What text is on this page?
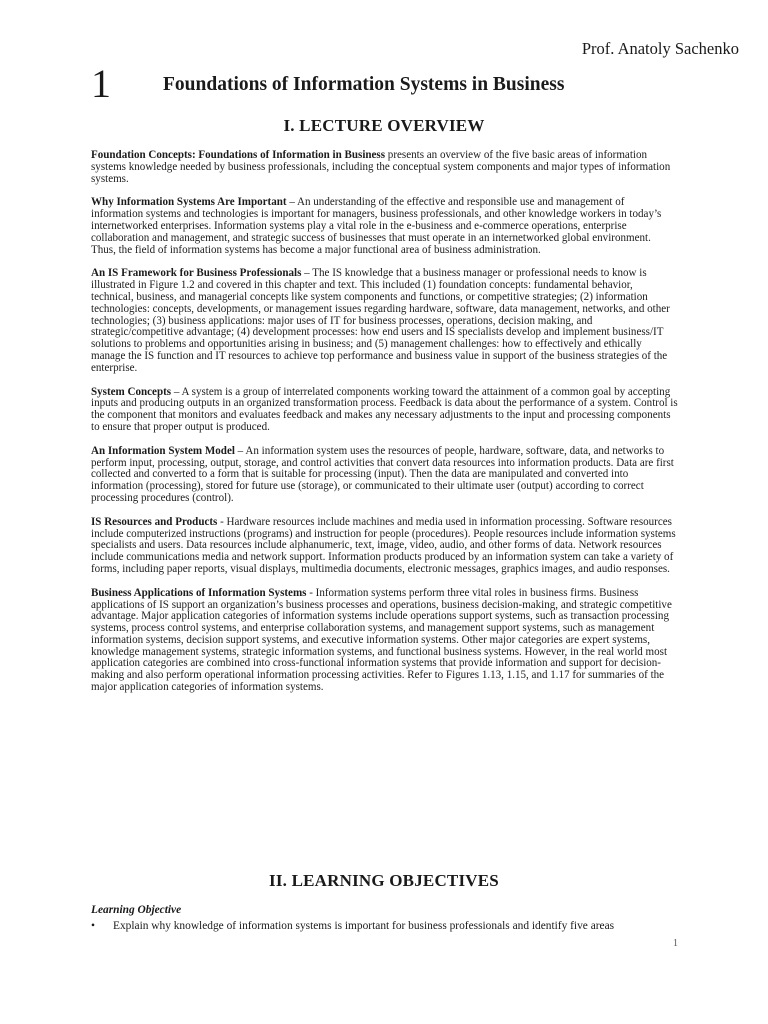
Prof. Anatoly Sachenko
1	Foundations of Information Systems in Business
I. LECTURE OVERVIEW

Foundation Concepts: Foundations of Information in Business presents an overview of the five basic areas of information systems knowledge needed by business professionals, including the conceptual system components and major types of information systems.

Why Information Systems Are Important – An understanding of the effective and responsible use and management of information systems and technologies is important for managers, business professionals, and other knowledge workers in today’s internetworked enterprises. Information systems play a vital role in the e-business and e-commerce operations, enterprise collaboration and management, and strategic success of businesses that must operate in an internetworked global environment. Thus, the field of information systems has become a major functional area of business administration.

An IS Framework for Business Professionals – The IS knowledge that a business manager or professional needs to know is illustrated in Figure 1.2 and covered in this chapter and text. This included (1) foundation concepts: fundamental behavior, technical, business, and managerial concepts like system components and functions, or competitive strategies; (2) information technologies: concepts, developments, or management issues regarding hardware, software, data management, networks, and other technologies; (3) business applications: major uses of IT for business processes, operations, decision making, and strategic/competitive advantage; (4) development processes: how end users and IS specialists develop and implement business/IT solutions to problems and opportunities arising in business; and (5) management challenges: how to effectively and ethically manage the IS function and IT resources to achieve top performance and business value in support of the business strategies of the enterprise.

System Concepts – A system is a group of interrelated components working toward the attainment of a common goal by accepting inputs and producing outputs in an organized transformation process. Feedback is data about the performance of a system. Control is the component that monitors and evaluates feedback and makes any necessary adjustments to the input and processing components to ensure that proper output is produced.

An Information System Model – An information system uses the resources of people, hardware, software, data, and networks to perform input, processing, output, storage, and control activities that convert data resources into information products. Data are first collected and converted to a form that is suitable for processing (input). Then the data are manipulated and converted into information (processing), stored for future use (storage), or communicated to their ultimate user (output) according to correct processing procedures (control).

IS Resources and Products - Hardware resources include machines and media used in information processing. Software resources include computerized instructions (programs) and instruction for people (procedures). People resources include information systems specialists and users. Data resources include alphanumeric, text, image, video, audio, and other forms of data. Network resources include communications media and network support. Information products produced by an information system can take a variety of forms, including paper reports, visual displays, multimedia documents, electronic messages, graphics images, and audio responses.

Business Applications of Information Systems - Information systems perform three vital roles in business firms. Business applications of IS support an organization’s business processes and operations, business decision-making, and strategic competitive advantage. Major application categories of information systems include operations support systems, such as transaction processing systems, process control systems, and enterprise collaboration systems, and management support systems, such as management information systems, decision support systems, and executive information systems. Other major categories are expert systems, knowledge management systems, strategic information systems, and functional business systems. However, in the real world most application categories are combined into cross-functional information systems that provide information and support for decision-making and also perform operational information processing activities. Refer to Figures 1.13, 1.15, and 1.17 for summaries of the major application categories of information systems.

II. LEARNING OBJECTIVES
Learning Objective
• Explain why knowledge of information systems is important for business professionals and identify five areas
1
